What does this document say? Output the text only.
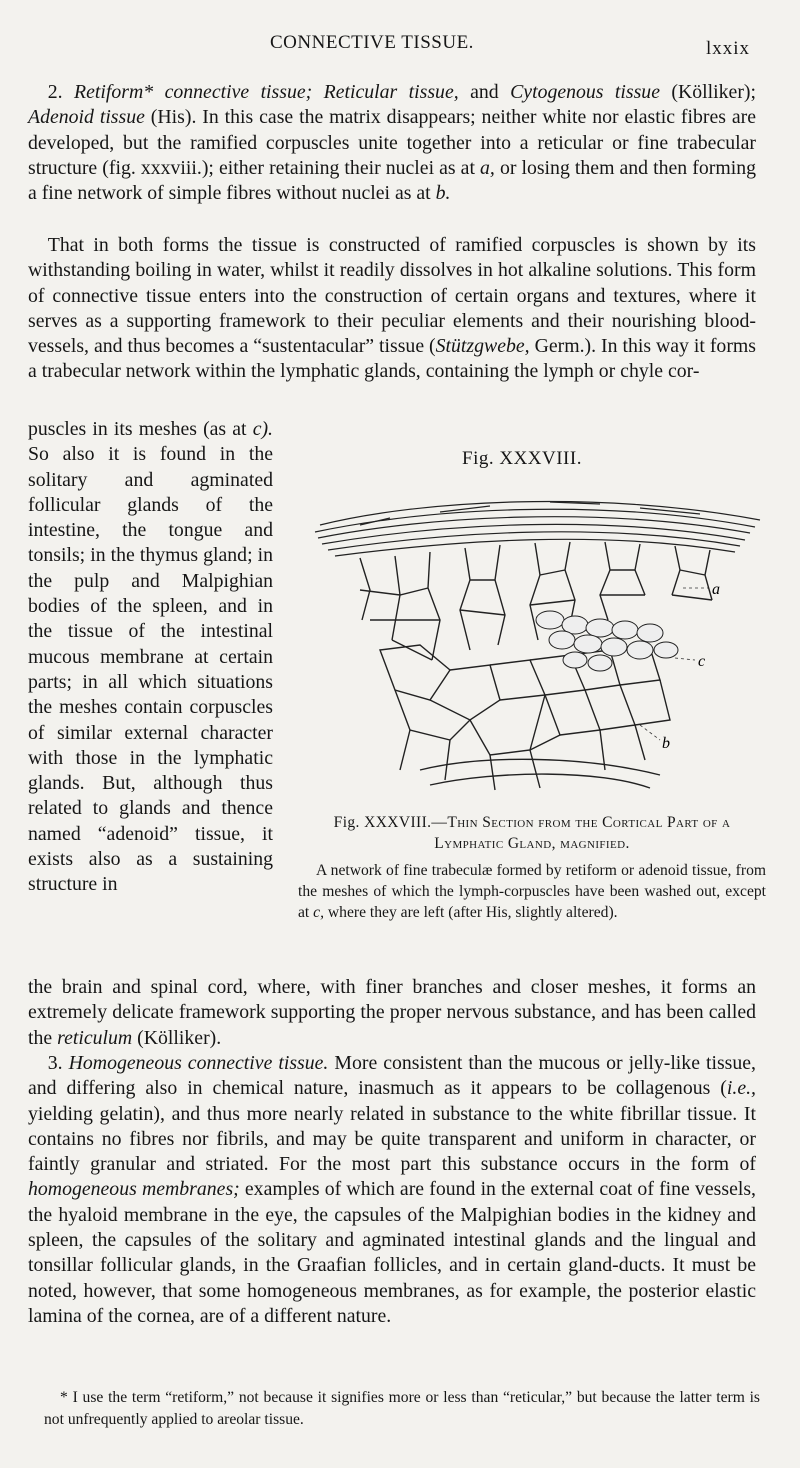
CONNECTIVE TISSUE.	lxxix

 2. Retiform* connective tissue; Reticular tissue, and Cytogenous tissue (Kölliker); Adenoid tissue (His). In this case the matrix disappears; neither white nor elastic fibres are developed, but the ramified corpuscles unite together into a reticular or fine trabecular structure (fig. xxxviii.); either retaining their nuclei as at a, or losing them and then forming a fine network of simple fibres without nuclei as at b.

 That in both forms the tissue is constructed of ramified corpuscles is shown by its withstanding boiling in water, whilst it readily dissolves in hot alkaline solutions. This form of connective tissue enters into the construction of certain organs and textures, where it serves as a supporting framework to their peculiar elements and their nourishing blood-vessels, and thus becomes a “sustentacular” tissue (Stützgwebe, Germ.). In this way it forms a trabecular network within the lymphatic glands, containing the lymph or chyle cor-

puscles in its meshes (as at c). So also it is found in the solitary and agminated follicular glands of the intestine, the tongue and tonsils; in the thymus gland; in the pulp and Malpighian bodies of the spleen, and in the tissue of the intestinal mucous membrane at certain parts; in all which situations the meshes contain corpuscles of similar external character with those in the lymphatic glands. But, although thus related to glands and thence named “adenoid” tissue, it exists also as a sustaining structure in

Fig. XXXVIII.
a
c
b

Fig. XXXVIII.—Thin Section from the Cortical Part of a Lymphatic Gland, magnified.

A network of fine trabeculæ formed by retiform or adenoid tissue, from the meshes of which the lymph-corpuscles have been washed out, except at c, where they are left (after His, slightly altered).

the brain and spinal cord, where, with finer branches and closer meshes, it forms an extremely delicate framework supporting the proper nervous substance, and has been called the reticulum (Kölliker).

 3. Homogeneous connective tissue. More consistent than the mucous or jelly-like tissue, and differing also in chemical nature, inasmuch as it appears to be collagenous (i.e., yielding gelatin), and thus more nearly related in substance to the white fibrillar tissue. It contains no fibres nor fibrils, and may be quite transparent and uniform in character, or faintly granular and striated. For the most part this substance occurs in the form of homogeneous membranes; examples of which are found in the external coat of fine vessels, the hyaloid membrane in the eye, the capsules of the Malpighian bodies in the kidney and spleen, the capsules of the solitary and agminated intestinal glands and the lingual and tonsillar follicular glands, in the Graafian follicles, and in certain gland-ducts. It must be noted, however, that some homogeneous membranes, as for example, the posterior elastic lamina of the cornea, are of a different nature.

* I use the term “retiform,” not because it signifies more or less than “reticular,” but because the latter term is not unfrequently applied to areolar tissue.
